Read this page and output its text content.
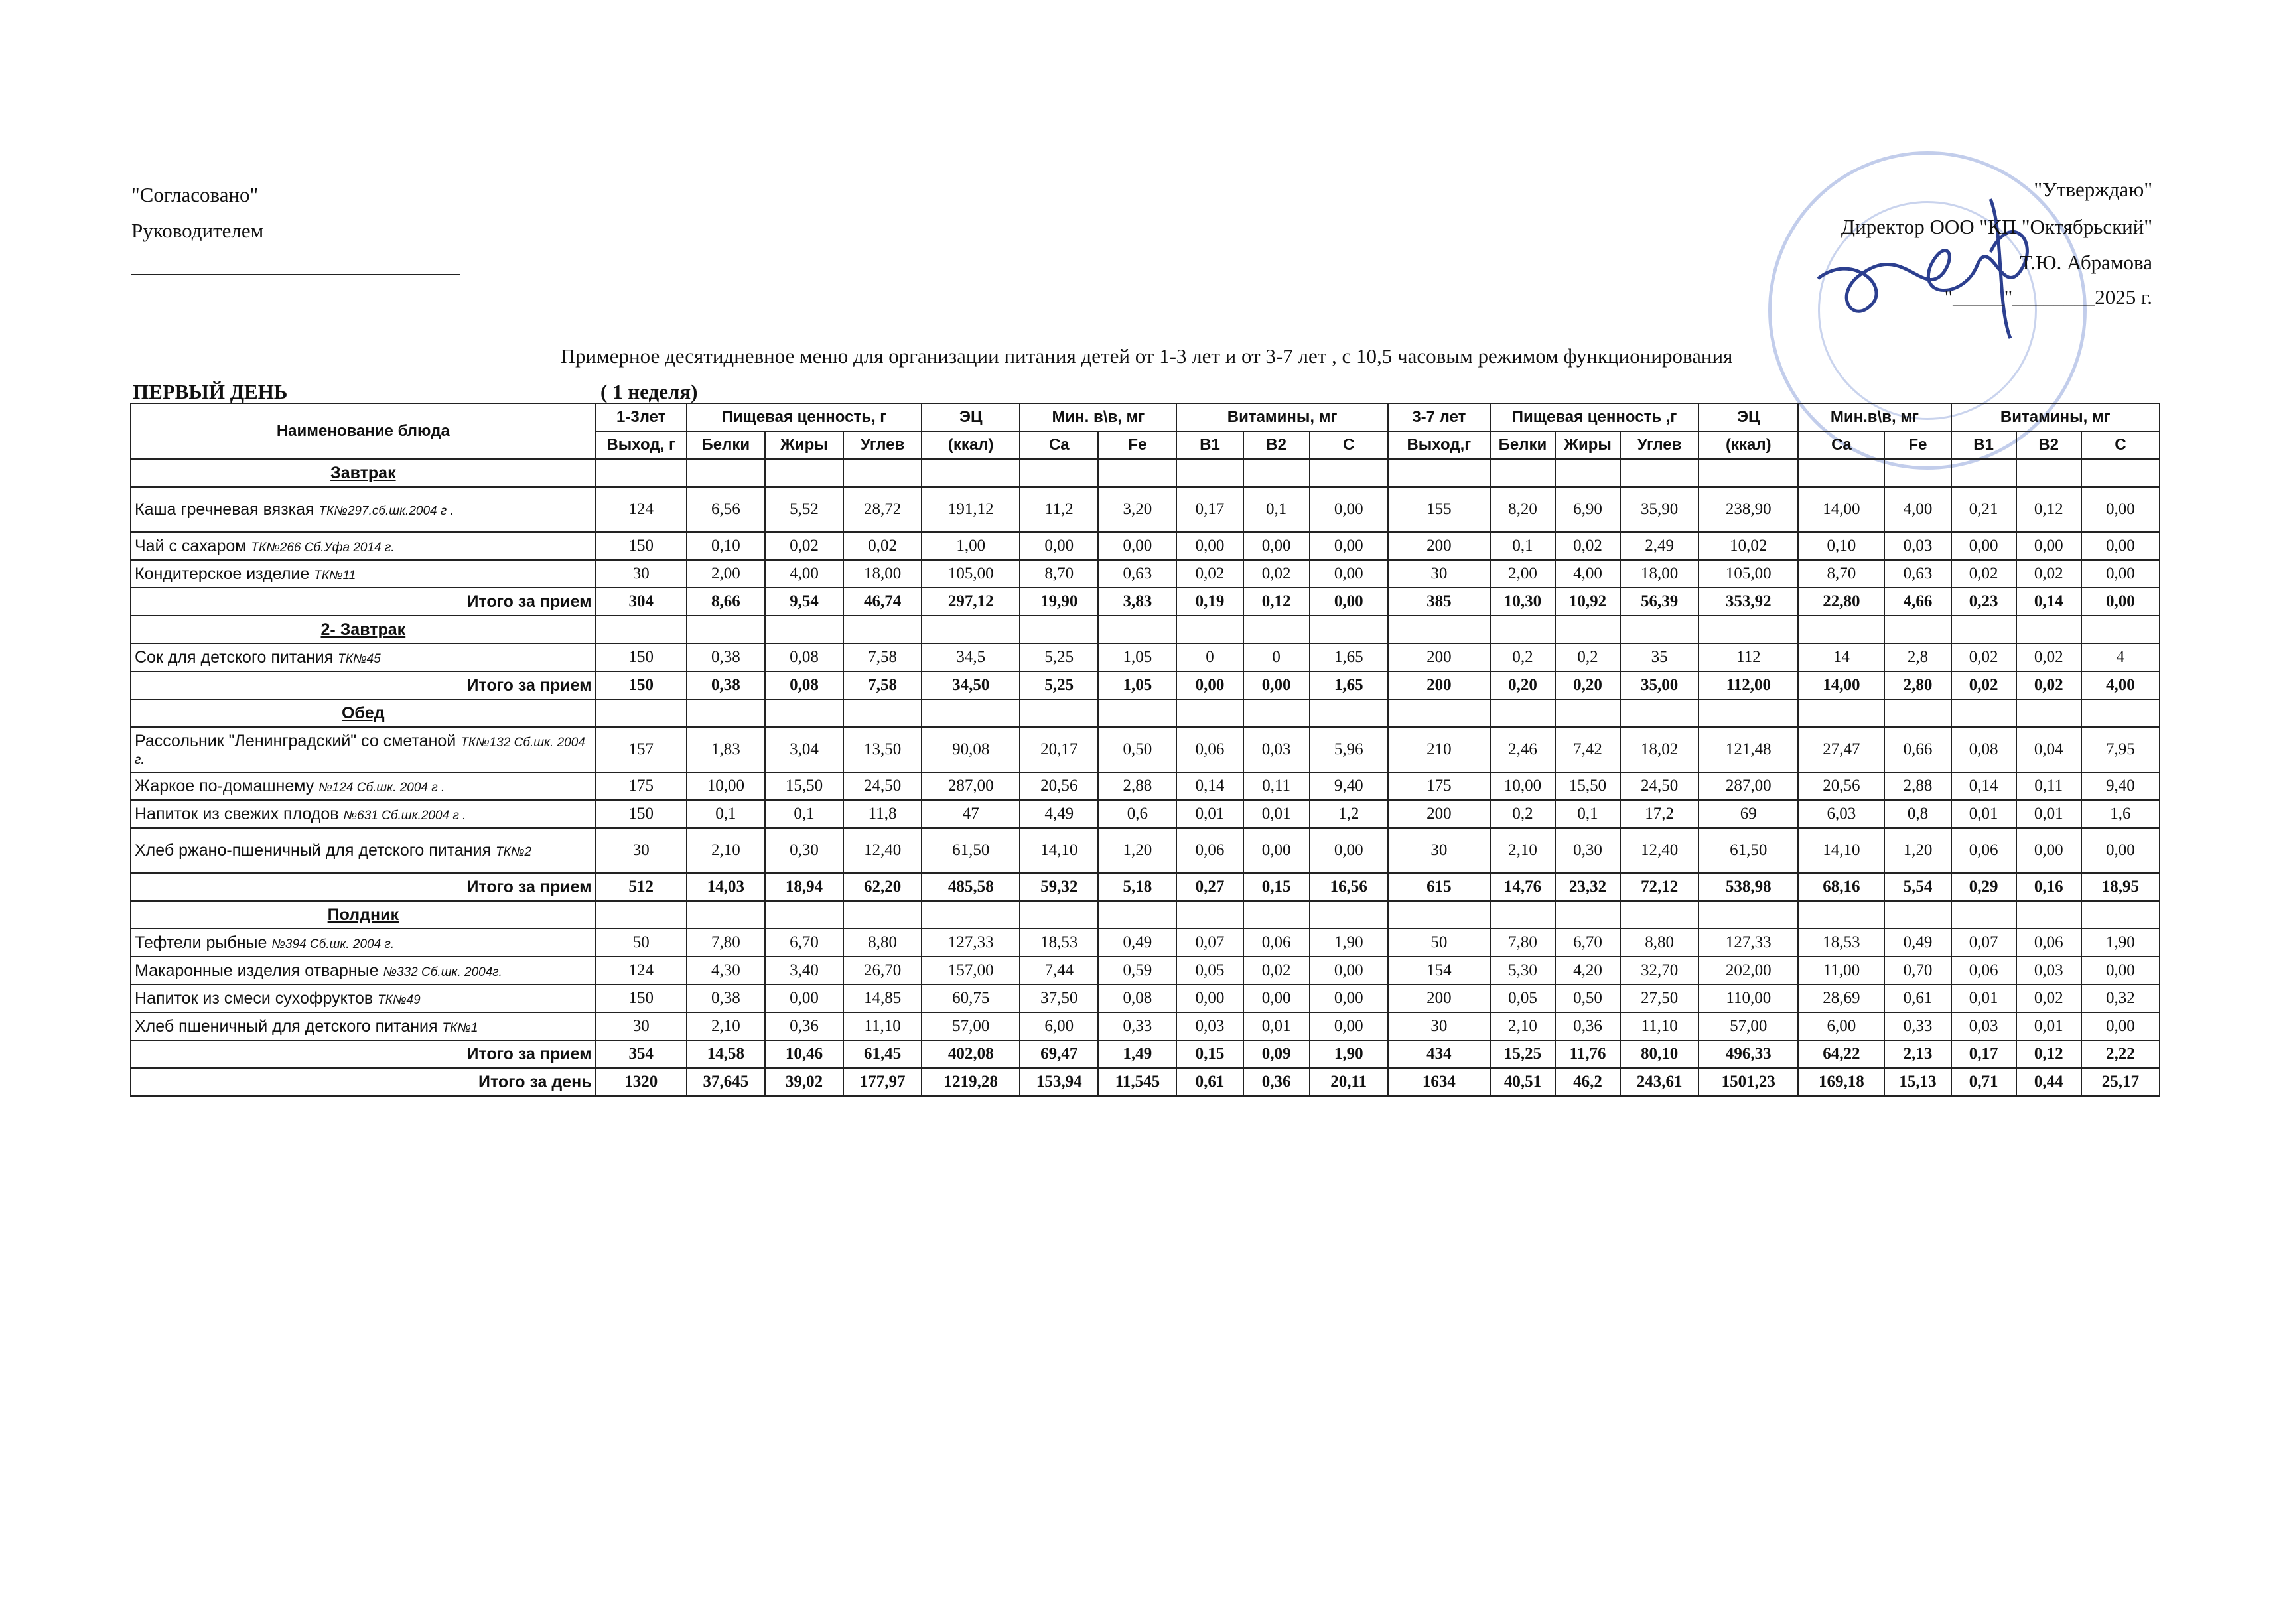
"Согласовано"
Руководителем
"Утверждаю"
Директор ООО "КП "Октябрьский"
Т.Ю. Абрамова
"_____"________2025 г.
Примерное десятидневное меню для организации питания детей от 1-3 лет и от 3-7 лет , с 10,5 часовым режимом функционирования
ПЕРВЫЙ ДЕНЬ	( 1 неделя)
Наименование блюда	1-3лет	Пищевая ценность, г			ЭЦ	Мин. в\в, мг		Витамины, мг			3-7 лет	Пищевая ценность ,г			ЭЦ	Мин.в\в, мг		Витамины, мг		
	Выход, г	Белки	Жиры	Углев	(ккал)	Ca	Fe	B1	B2	C	Выход,г	Белки	Жиры	Углев	(ккал)	Ca	Fe	B1	B2	C
Завтрак																				
Каша гречневая вязкая ТК№297.сб.шк.2004 г .	124	6,56	5,52	28,72	191,12	11,2	3,20	0,17	0,1	0,00	155	8,20	6,90	35,90	238,90	14,00	4,00	0,21	0,12	0,00
Чай с сахаром ТК№266 Сб.Уфа 2014 г.	150	0,10	0,02	0,02	1,00	0,00	0,00	0,00	0,00	0,00	200	0,1	0,02	2,49	10,02	0,10	0,03	0,00	0,00	0,00
Кондитерское изделие ТК№11	30	2,00	4,00	18,00	105,00	8,70	0,63	0,02	0,02	0,00	30	2,00	4,00	18,00	105,00	8,70	0,63	0,02	0,02	0,00
Итого за прием	304	8,66	9,54	46,74	297,12	19,90	3,83	0,19	0,12	0,00	385	10,30	10,92	56,39	353,92	22,80	4,66	0,23	0,14	0,00
2- Завтрак																				
Сок для детского питания ТК№45	150	0,38	0,08	7,58	34,5	5,25	1,05	0	0	1,65	200	0,2	0,2	35	112	14	2,8	0,02	0,02	4
Итого за прием	150	0,38	0,08	7,58	34,50	5,25	1,05	0,00	0,00	1,65	200	0,20	0,20	35,00	112,00	14,00	2,80	0,02	0,02	4,00
Обед																				
Рассольник "Ленинградский" со сметаной ТК№132 Сб.шк. 2004 г.	157	1,83	3,04	13,50	90,08	20,17	0,50	0,06	0,03	5,96	210	2,46	7,42	18,02	121,48	27,47	0,66	0,08	0,04	7,95
Жаркое по-домашнему №124 Сб.шк. 2004 г .	175	10,00	15,50	24,50	287,00	20,56	2,88	0,14	0,11	9,40	175	10,00	15,50	24,50	287,00	20,56	2,88	0,14	0,11	9,40
Напиток из свежих плодов №631 Сб.шк.2004 г .	150	0,1	0,1	11,8	47	4,49	0,6	0,01	0,01	1,2	200	0,2	0,1	17,2	69	6,03	0,8	0,01	0,01	1,6
Хлеб ржано-пшеничный для детского питания ТК№2	30	2,10	0,30	12,40	61,50	14,10	1,20	0,06	0,00	0,00	30	2,10	0,30	12,40	61,50	14,10	1,20	0,06	0,00	0,00
Итого за прием	512	14,03	18,94	62,20	485,58	59,32	5,18	0,27	0,15	16,56	615	14,76	23,32	72,12	538,98	68,16	5,54	0,29	0,16	18,95
Полдник																				
Тефтели рыбные №394 Сб.шк. 2004 г.	50	7,80	6,70	8,80	127,33	18,53	0,49	0,07	0,06	1,90	50	7,80	6,70	8,80	127,33	18,53	0,49	0,07	0,06	1,90
Макаронные изделия отварные №332 Сб.шк. 2004г.	124	4,30	3,40	26,70	157,00	7,44	0,59	0,05	0,02	0,00	154	5,30	4,20	32,70	202,00	11,00	0,70	0,06	0,03	0,00
Напиток из смеси сухофруктов ТК№49	150	0,38	0,00	14,85	60,75	37,50	0,08	0,00	0,00	0,00	200	0,05	0,50	27,50	110,00	28,69	0,61	0,01	0,02	0,32
Хлеб пшеничный для детского питания ТК№1	30	2,10	0,36	11,10	57,00	6,00	0,33	0,03	0,01	0,00	30	2,10	0,36	11,10	57,00	6,00	0,33	0,03	0,01	0,00
Итого за прием	354	14,58	10,46	61,45	402,08	69,47	1,49	0,15	0,09	1,90	434	15,25	11,76	80,10	496,33	64,22	2,13	0,17	0,12	2,22
Итого за день	1320	37,645	39,02	177,97	1219,28	153,94	11,545	0,61	0,36	20,11	1634	40,51	46,2	243,61	1501,23	169,18	15,13	0,71	0,44	25,17
